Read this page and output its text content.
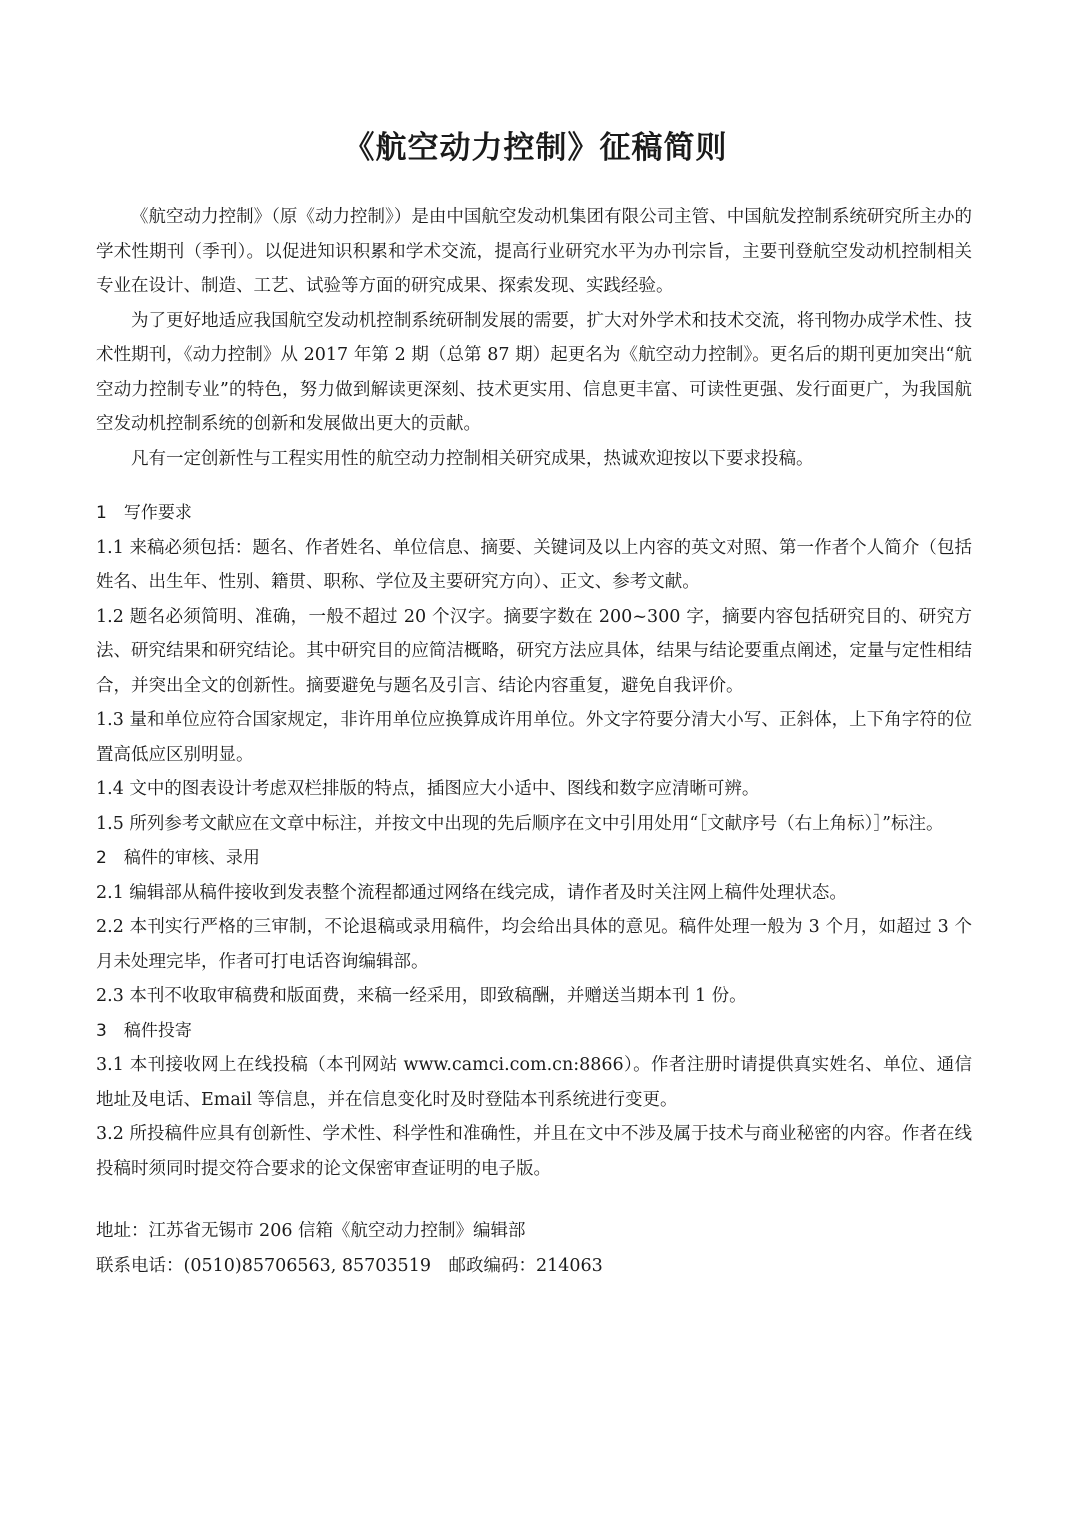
《航空动力控制》征稿简则

《航空动力控制》（原《动力控制》）是由中国航空发动机集团有限公司主管、中国航发控制系统研究所主办的学术性期刊（季刊）。以促进知识积累和学术交流，提高行业研究水平为办刊宗旨，主要刊登航空发动机控制相关专业在设计、制造、工艺、试验等方面的研究成果、探索发现、实践经验。

为了更好地适应我国航空发动机控制系统研制发展的需要，扩大对外学术和技术交流，将刊物办成学术性、技术性期刊，《动力控制》从 2017 年第 2 期（总第 87 期）起更名为《航空动力控制》。更名后的期刊更加突出“航空动力控制专业”的特色，努力做到解读更深刻、技术更实用、信息更丰富、可读性更强、发行面更广，为我国航空发动机控制系统的创新和发展做出更大的贡献。

凡有一定创新性与工程实用性的航空动力控制相关研究成果，热诚欢迎按以下要求投稿。

1　写作要求

1.1 来稿必须包括：题名、作者姓名、单位信息、摘要、关键词及以上内容的英文对照、第一作者个人简介（包括姓名、出生年、性别、籍贯、职称、学位及主要研究方向）、正文、参考文献。

1.2 题名必须简明、准确，一般不超过 20 个汉字。摘要字数在 200~300 字，摘要内容包括研究目的、研究方法、研究结果和研究结论。其中研究目的应简洁概略，研究方法应具体，结果与结论要重点阐述，定量与定性相结合，并突出全文的创新性。摘要避免与题名及引言、结论内容重复，避免自我评价。

1.3 量和单位应符合国家规定，非许用单位应换算成许用单位。外文字符要分清大小写、正斜体，上下角字符的位置高低应区别明显。

1.4 文中的图表设计考虑双栏排版的特点，插图应大小适中、图线和数字应清晰可辨。

1.5 所列参考文献应在文章中标注，并按文中出现的先后顺序在文中引用处用“［文献序号（右上角标）］”标注。

2　稿件的审核、录用

2.1 编辑部从稿件接收到发表整个流程都通过网络在线完成，请作者及时关注网上稿件处理状态。

2.2 本刊实行严格的三审制，不论退稿或录用稿件，均会给出具体的意见。稿件处理一般为 3 个月，如超过 3 个月未处理完毕，作者可打电话咨询编辑部。

2.3 本刊不收取审稿费和版面费，来稿一经采用，即致稿酬，并赠送当期本刊 1 份。

3　稿件投寄

3.1 本刊接收网上在线投稿（本刊网站 www.camci.com.cn:8866）。作者注册时请提供真实姓名、单位、通信地址及电话、Email 等信息，并在信息变化时及时登陆本刊系统进行变更。

3.2 所投稿件应具有创新性、学术性、科学性和准确性，并且在文中不涉及属于技术与商业秘密的内容。作者在线投稿时须同时提交符合要求的论文保密审查证明的电子版。

地址：江苏省无锡市 206 信箱《航空动力控制》编辑部

联系电话：(0510)85706563, 85703519　邮政编码：214063
